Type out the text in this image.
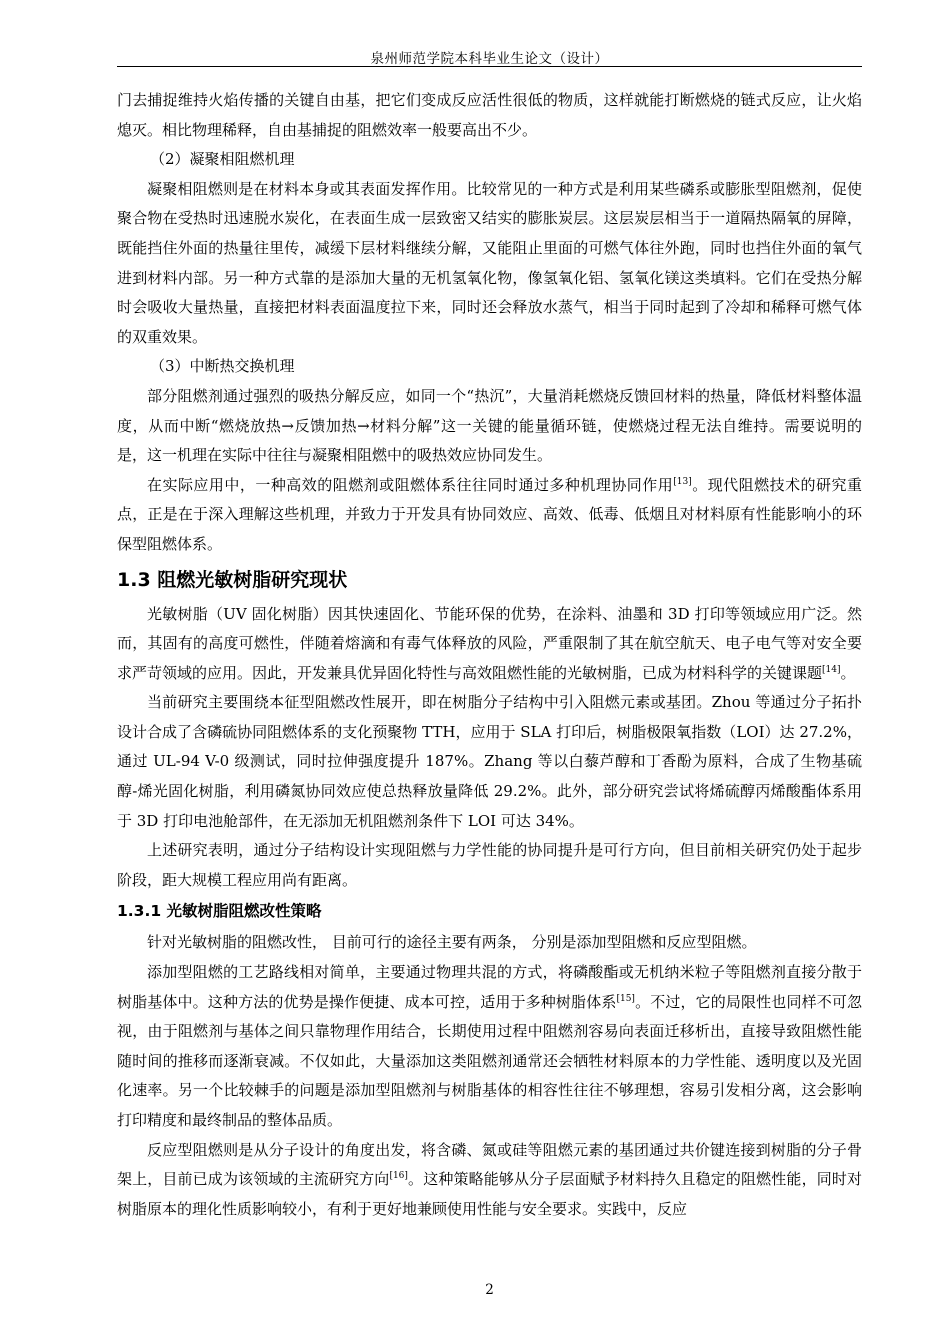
泉州师范学院本科毕业生论文（设计）

门去捕捉维持火焰传播的关键自由基，把它们变成反应活性很低的物质，这样就能打断燃烧的链式反应，让火焰熄灭。相比物理稀释，自由基捕捉的阻燃效率一般要高出不少。

（2）凝聚相阻燃机理

凝聚相阻燃则是在材料本身或其表面发挥作用。比较常见的一种方式是利用某些磷系或膨胀型阻燃剂，促使聚合物在受热时迅速脱水炭化，在表面生成一层致密又结实的膨胀炭层。这层炭层相当于一道隔热隔氧的屏障，既能挡住外面的热量往里传，减缓下层材料继续分解，又能阻止里面的可燃气体往外跑，同时也挡住外面的氧气进到材料内部。另一种方式靠的是添加大量的无机氢氧化物，像氢氧化铝、氢氧化镁这类填料。它们在受热分解时会吸收大量热量，直接把材料表面温度拉下来，同时还会释放水蒸气，相当于同时起到了冷却和稀释可燃气体的双重效果。

（3）中断热交换机理

部分阻燃剂通过强烈的吸热分解反应，如同一个“热沉”，大量消耗燃烧反馈回材料的热量，降低材料整体温度，从而中断“燃烧放热→反馈加热→材料分解”这一关键的能量循环链，使燃烧过程无法自维持。需要说明的是，这一机理在实际中往往与凝聚相阻燃中的吸热效应协同发生。

在实际应用中，一种高效的阻燃剂或阻燃体系往往同时通过多种机理协同作用[13]。现代阻燃技术的研究重点，正是在于深入理解这些机理，并致力于开发具有协同效应、高效、低毒、低烟且对材料原有性能影响小的环保型阻燃体系。

1.3 阻燃光敏树脂研究现状

光敏树脂（UV 固化树脂）因其快速固化、节能环保的优势，在涂料、油墨和 3D 打印等领域应用广泛。然而，其固有的高度可燃性，伴随着熔滴和有毒气体释放的风险，严重限制了其在航空航天、电子电气等对安全要求严苛领域的应用。因此，开发兼具优异固化特性与高效阻燃性能的光敏树脂，已成为材料科学的关键课题[14]。

当前研究主要围绕本征型阻燃改性展开，即在树脂分子结构中引入阻燃元素或基团。Zhou 等通过分子拓扑设计合成了含磷硫协同阻燃体系的支化预聚物 TTH，应用于 SLA 打印后，树脂极限氧指数（LOI）达 27.2%，通过 UL-94 V-0 级测试，同时拉伸强度提升 187%。Zhang 等以白藜芦醇和丁香酚为原料，合成了生物基硫醇-烯光固化树脂，利用磷氮协同效应使总热释放量降低 29.2%。此外，部分研究尝试将烯硫醇丙烯酸酯体系用于 3D 打印电池舱部件，在无添加无机阻燃剂条件下 LOI 可达 34%。

上述研究表明，通过分子结构设计实现阻燃与力学性能的协同提升是可行方向，但目前相关研究仍处于起步阶段，距大规模工程应用尚有距离。

1.3.1 光敏树脂阻燃改性策略

针对光敏树脂的阻燃改性， 目前可行的途径主要有两条， 分别是添加型阻燃和反应型阻燃。

添加型阻燃的工艺路线相对简单，主要通过物理共混的方式，将磷酸酯或无机纳米粒子等阻燃剂直接分散于树脂基体中。这种方法的优势是操作便捷、成本可控，适用于多种树脂体系[15]。不过，它的局限性也同样不可忽视，由于阻燃剂与基体之间只靠物理作用结合，长期使用过程中阻燃剂容易向表面迁移析出，直接导致阻燃性能随时间的推移而逐渐衰减。不仅如此，大量添加这类阻燃剂通常还会牺牲材料原本的力学性能、透明度以及光固化速率。另一个比较棘手的问题是添加型阻燃剂与树脂基体的相容性往往不够理想，容易引发相分离，这会影响打印精度和最终制品的整体品质。

反应型阻燃则是从分子设计的角度出发，将含磷、氮或硅等阻燃元素的基团通过共价键连接到树脂的分子骨架上，目前已成为该领域的主流研究方向[16]。这种策略能够从分子层面赋予材料持久且稳定的阻燃性能，同时对树脂原本的理化性质影响较小，有利于更好地兼顾使用性能与安全要求。实践中，反应

2
